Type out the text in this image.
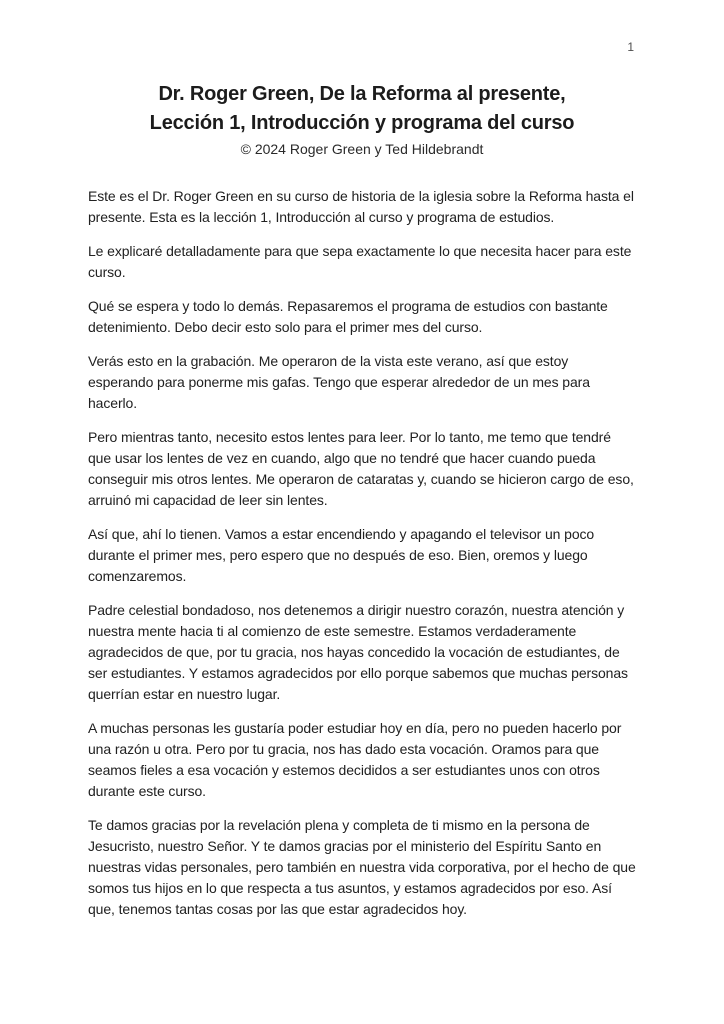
1
Dr. Roger Green, De la Reforma al presente,
Lección 1, Introducción y programa del curso
© 2024 Roger Green y Ted Hildebrandt

Este es el Dr. Roger Green en su curso de historia de la iglesia sobre la Reforma hasta el presente. Esta es la lección 1, Introducción al curso y programa de estudios.

Le explicaré detalladamente para que sepa exactamente lo que necesita hacer para este curso.

Qué se espera y todo lo demás. Repasaremos el programa de estudios con bastante detenimiento. Debo decir esto solo para el primer mes del curso.

Verás esto en la grabación. Me operaron de la vista este verano, así que estoy esperando para ponerme mis gafas. Tengo que esperar alrededor de un mes para hacerlo.

Pero mientras tanto, necesito estos lentes para leer. Por lo tanto, me temo que tendré que usar los lentes de vez en cuando, algo que no tendré que hacer cuando pueda conseguir mis otros lentes. Me operaron de cataratas y, cuando se hicieron cargo de eso, arruinó mi capacidad de leer sin lentes.

Así que, ahí lo tienen. Vamos a estar encendiendo y apagando el televisor un poco durante el primer mes, pero espero que no después de eso. Bien, oremos y luego comenzaremos.

Padre celestial bondadoso, nos detenemos a dirigir nuestro corazón, nuestra atención y nuestra mente hacia ti al comienzo de este semestre. Estamos verdaderamente agradecidos de que, por tu gracia, nos hayas concedido la vocación de estudiantes, de ser estudiantes. Y estamos agradecidos por ello porque sabemos que muchas personas querrían estar en nuestro lugar.

A muchas personas les gustaría poder estudiar hoy en día, pero no pueden hacerlo por una razón u otra. Pero por tu gracia, nos has dado esta vocación. Oramos para que seamos fieles a esa vocación y estemos decididos a ser estudiantes unos con otros durante este curso.

Te damos gracias por la revelación plena y completa de ti mismo en la persona de Jesucristo, nuestro Señor. Y te damos gracias por el ministerio del Espíritu Santo en nuestras vidas personales, pero también en nuestra vida corporativa, por el hecho de que somos tus hijos en lo que respecta a tus asuntos, y estamos agradecidos por eso. Así que, tenemos tantas cosas por las que estar agradecidos hoy.
